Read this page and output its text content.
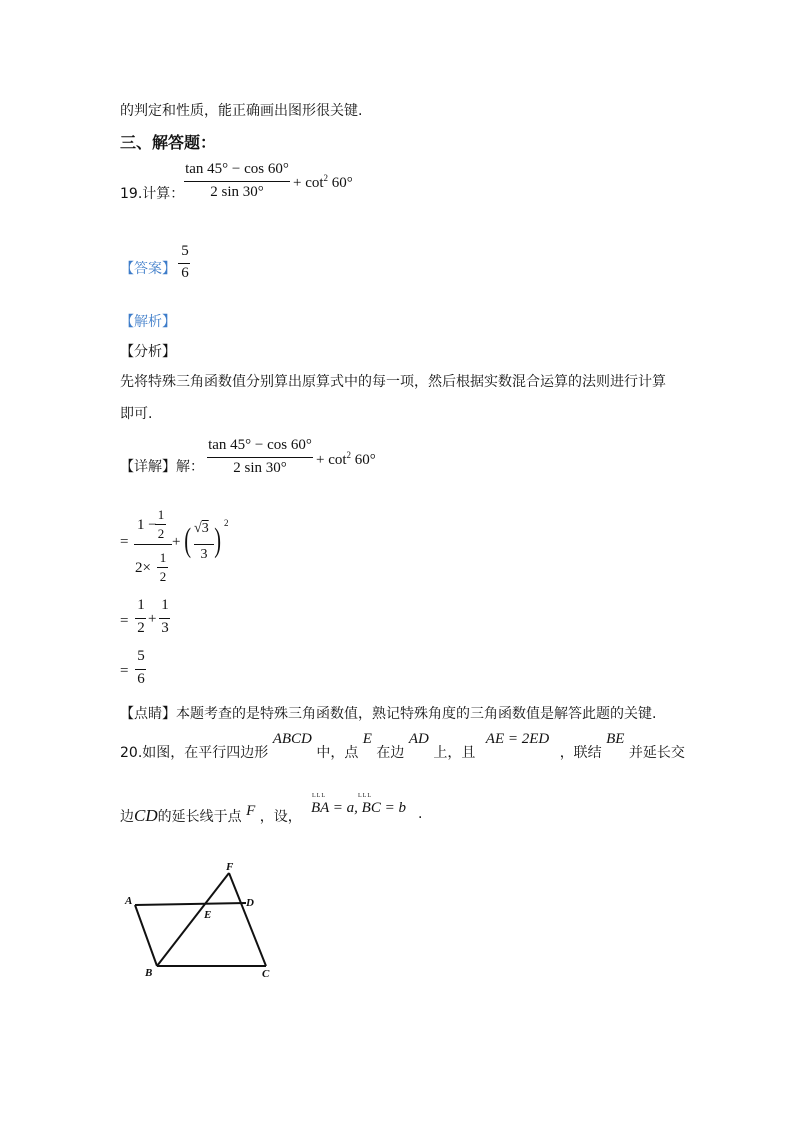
的判定和性质，能正确画出图形很关键.
三、解答题：
19.计算：
tan 45° − cos 60°
2 sin 30°
+ $\cot^2 60^\circ$
【答案】
5
6
【解析】
【分析】
先将特殊三角函数值分别算出原算式中的每一项，然后根据实数混合运算的法则进行计算
即可.
【详解】解：
tan 45° − cos 60°
2 sin 30°	+ $\cot^2 60^\circ$
=
1 −
1
2
2×
1
2
+ ( √3
3 ) 2
=
1
2
+
1
3
=
5
6
【点睛】本题考查的是特殊三角函数值，熟记特殊角度的三角函数值是解答此题的关键.
20.如图，在平行四边形 ABCD 中，点 E 在边 AD 上，且 AE = 2ED ，联结 BE 并延长交
边CD的延长线于点 F ，设，
LLL	LLL
BA = a, BC = b .
A
B	C
D
E
F
